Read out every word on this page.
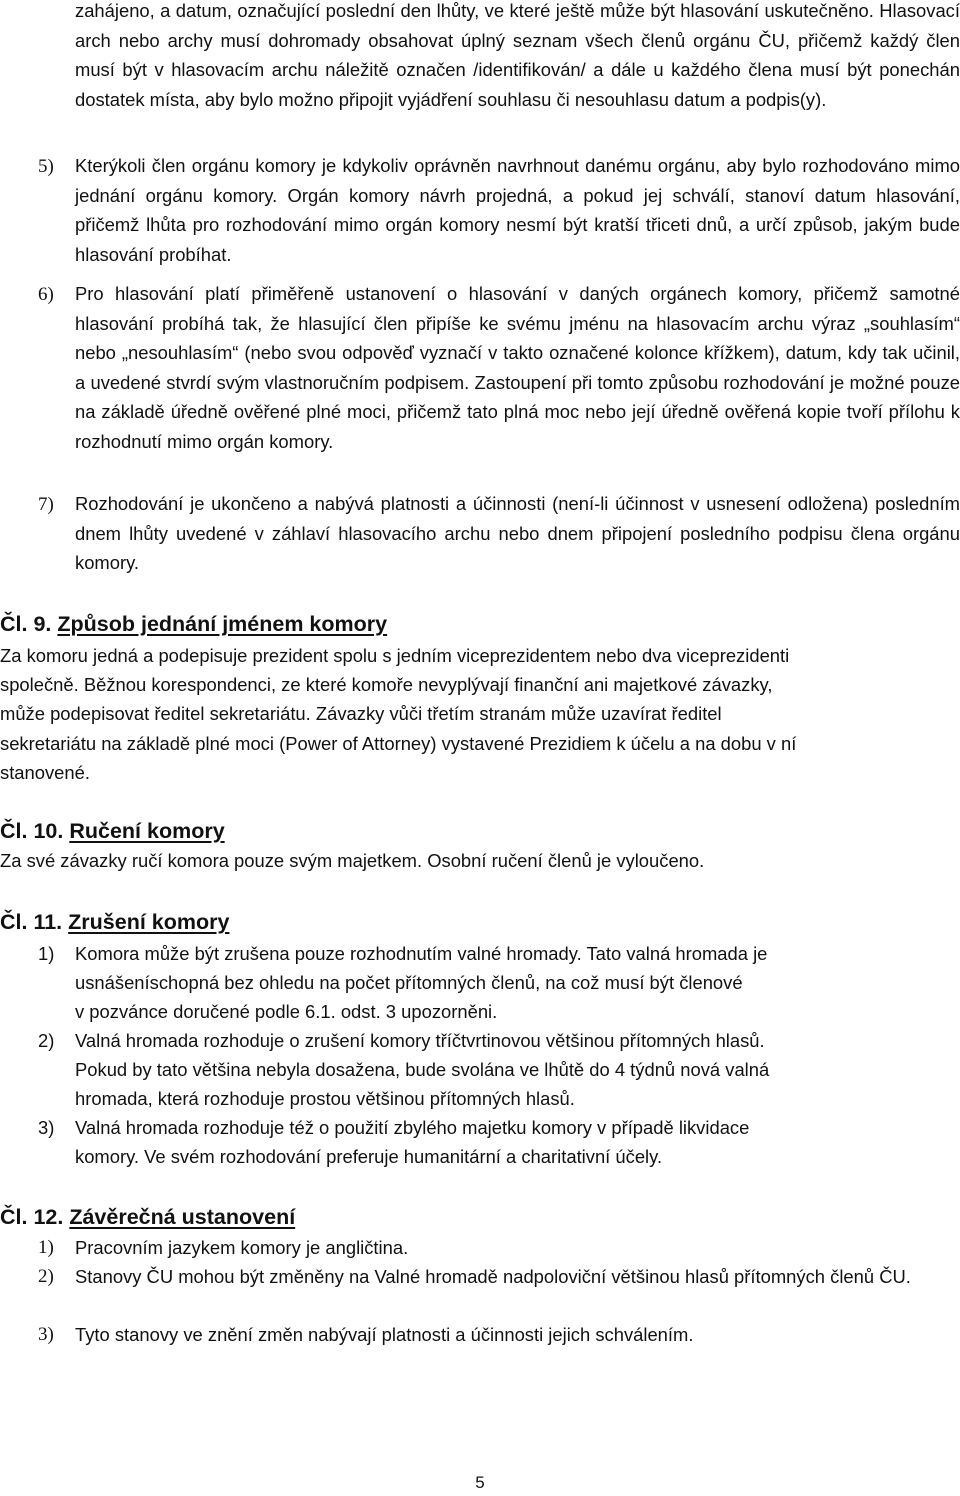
zahájeno, a datum, označující poslední den lhůty, ve které ještě může být hlasování uskutečněno. Hlasovací arch nebo archy musí dohromady obsahovat úplný seznam všech členů orgánu ČU, přičemž každý člen musí být v hlasovacím archu náležitě označen /identifikován/ a dále u každého člena musí být ponechán dostatek místa, aby bylo možno připojit vyjádření souhlasu či nesouhlasu datum a podpis(y).

5) Kterýkoli člen orgánu komory je kdykoliv oprávněn navrhnout danému orgánu, aby bylo rozhodováno mimo jednání orgánu komory. Orgán komory návrh projedná, a pokud jej schválí, stanoví datum hlasování, přičemž lhůta pro rozhodování mimo orgán komory nesmí být kratší třiceti dnů, a určí způsob, jakým bude hlasování probíhat.

6) Pro hlasování platí přiměřeně ustanovení o hlasování v daných orgánech komory, přičemž samotné hlasování probíhá tak, že hlasující člen připíše ke svému jménu na hlasovacím archu výraz „souhlasím“ nebo „nesouhlasím“ (nebo svou odpověď vyznačí v takto označené kolonce křížkem), datum, kdy tak učinil, a uvedené stvrdí svým vlastnoručním podpisem. Zastoupení při tomto způsobu rozhodování je možné pouze na základě úředně ověřené plné moci, přičemž tato plná moc nebo její úředně ověřená kopie tvoří přílohu k rozhodnutí mimo orgán komory.

7) Rozhodování je ukončeno a nabývá platnosti a účinnosti (není-li účinnost v usnesení odložena) posledním dnem lhůty uvedené v záhlaví hlasovacího archu nebo dnem připojení posledního podpisu člena orgánu komory.

Čl. 9. Způsob jednání jménem komory
Za komoru jedná a podepisuje prezident spolu s jedním viceprezidentem nebo dva viceprezidenti
společně. Běžnou korespondenci, ze které komoře nevyplývají finanční ani majetkové závazky,
může podepisovat ředitel sekretariátu. Závazky vůči třetím stranám může uzavírat ředitel
sekretariátu na základě plné moci (Power of Attorney) vystavené Prezidiem k účelu a na dobu v ní
stanovené.
Čl. 10. Ručení komory
Za své závazky ručí komora pouze svým majetkem. Osobní ručení členů je vyloučeno.
Čl. 11. Zrušení komory
1) Komora může být zrušena pouze rozhodnutím valné hromady. Tato valná hromada je
usnášeníschopná bez ohledu na počet přítomných členů, na což musí být členové
v pozvánce doručené podle 6.1. odst. 3 upozorněni.
2) Valná hromada rozhoduje o zrušení komory tříčtvrtinovou většinou přítomných hlasů.
Pokud by tato většina nebyla dosažena, bude svolána ve lhůtě do 4 týdnů nová valná
hromada, která rozhoduje prostou většinou přítomných hlasů.
3) Valná hromada rozhoduje též o použití zbylého majetku komory v případě likvidace
komory. Ve svém rozhodování preferuje humanitární a charitativní účely.
Čl. 12. Závěrečná ustanovení
1) Pracovním jazykem komory je angličtina.

2) Stanovy ČU mohou být změněny na Valné hromadě nadpoloviční většinou hlasů přítomných členů ČU.

3) Tyto stanovy ve znění změn nabývají platnosti a účinnosti jejich schválením.

5
